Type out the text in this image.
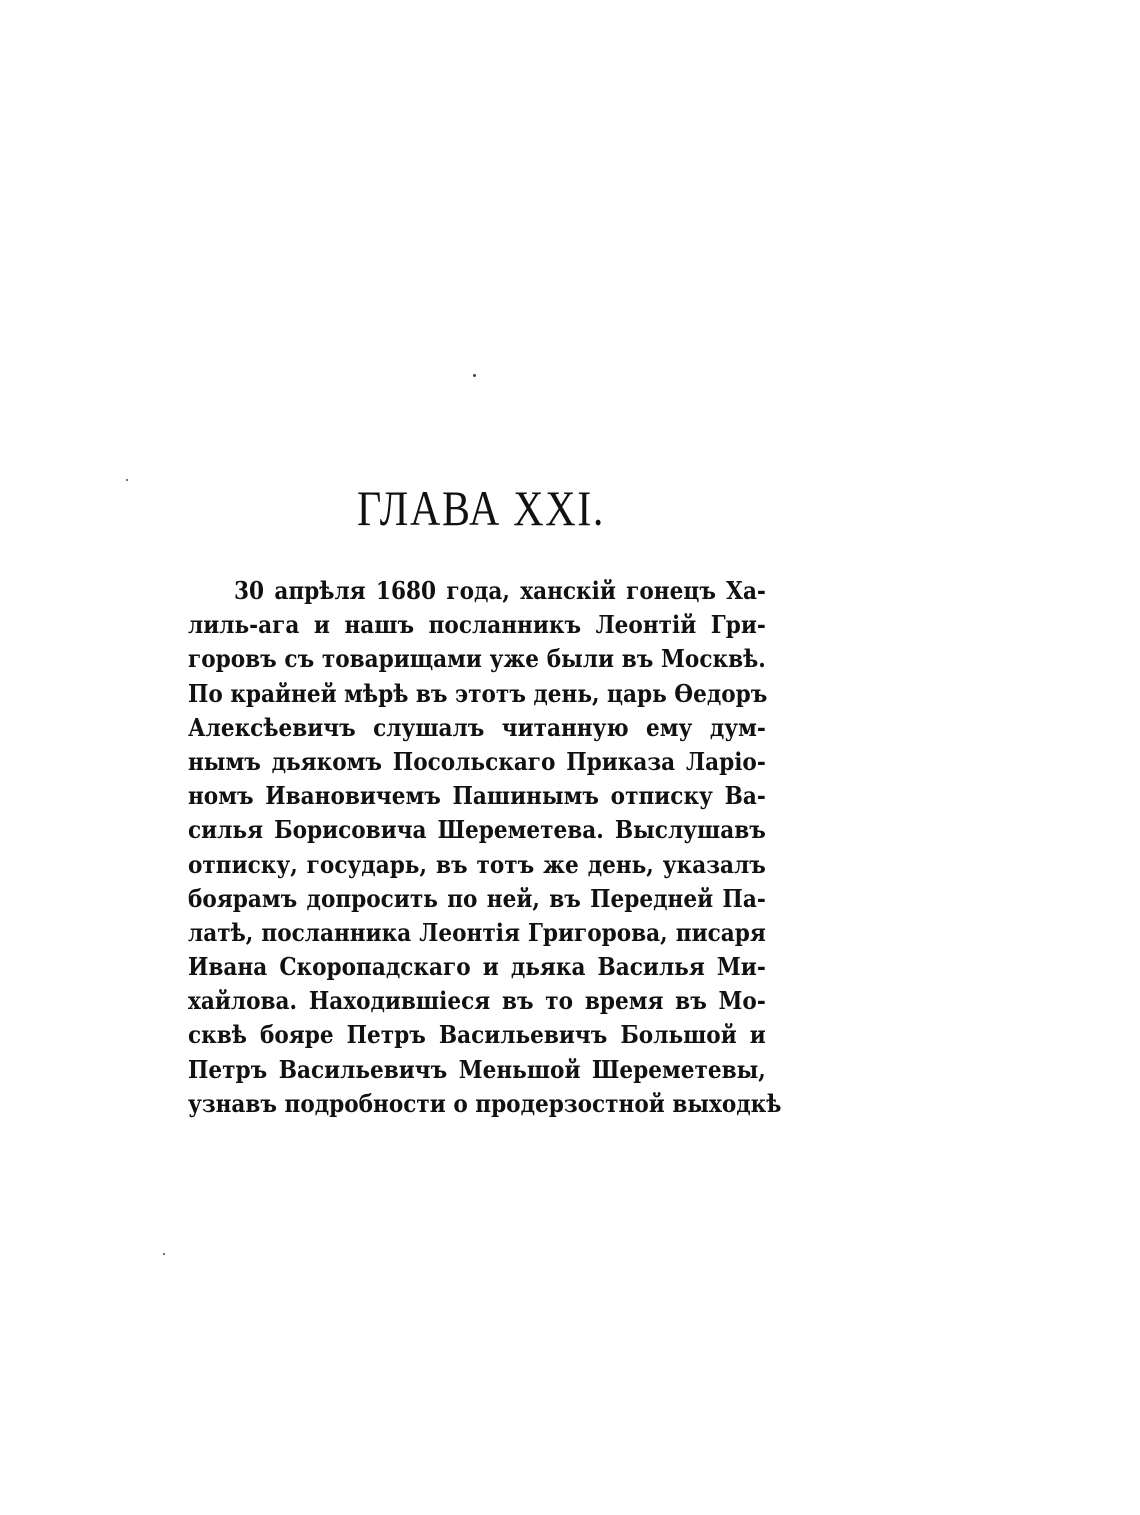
ГЛАВА XXI.
30 апрѣля 1680 года, ханскій гонецъ Ха-
лиль-ага и нашъ посланникъ Леонтій Гри-
горовъ съ товарищами уже были въ Москвѣ.
По крайней мѣрѣ въ этотъ день, царь Ѳедоръ
Алексѣевичъ слушалъ читанную ему дум-
нымъ дьякомъ Посольскаго Приказа Ларіо-
номъ Ивановичемъ Пашинымъ отписку Ва-
силья Борисовича Шереметева. Выслушавъ
отписку, государь, въ тотъ же день, указалъ
боярамъ допросить по ней, въ Передней Па-
латѣ, посланника Леонтія Григорова, писаря
Ивана Скоропадскаго и дьяка Василья Ми-
хайлова. Находившіеся въ то время въ Мо-
сквѣ бояре Петръ Васильевичъ Большой и
Петръ Васильевичъ Меньшой Шереметевы,
узнавъ подробности о продерзостной выходкѣ
